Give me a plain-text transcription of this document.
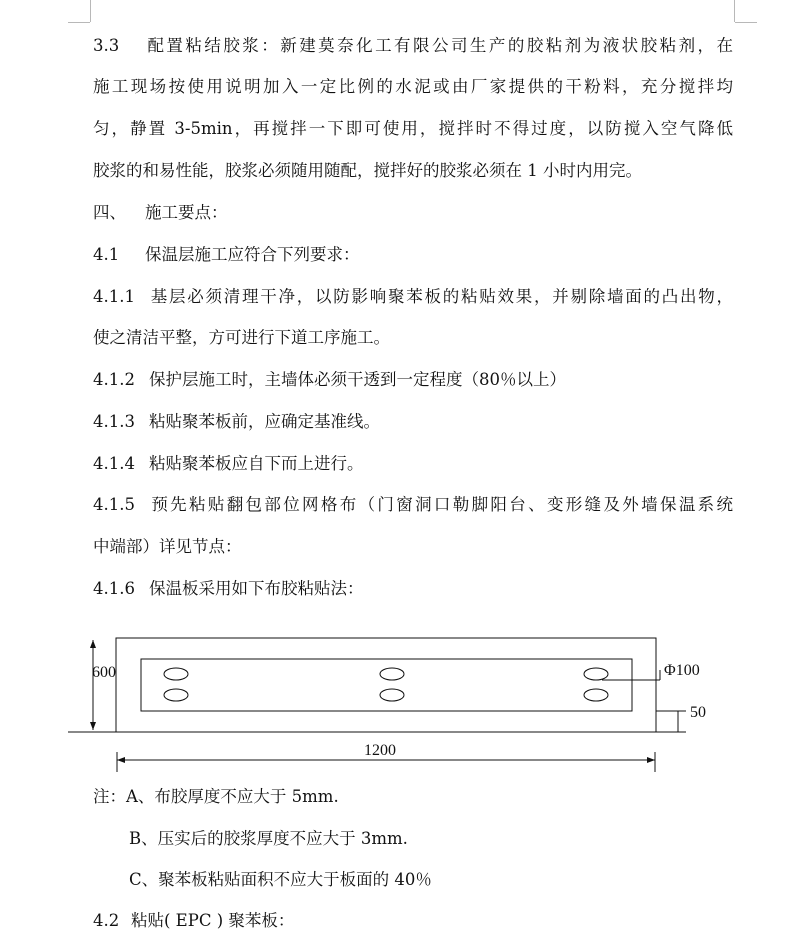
3.3 配置粘结胶浆：新建莫奈化工有限公司生产的胶粘剂为液状胶粘剂，在
施工现场按使用说明加入一定比例的水泥或由厂家提供的干粉料，充分搅拌均
匀，静置 3-5min，再搅拌一下即可使用，搅拌时不得过度，以防搅入空气降低
胶浆的和易性能，胶浆必须随用随配，搅拌好的胶浆必须在 1 小时内用完。
四、 施工要点：
4.1 保温层施工应符合下列要求：
4.1.1 基层必须清理干净，以防影响聚苯板的粘贴效果，并剔除墙面的凸出物，
使之清洁平整，方可进行下道工序施工。
4.1.2 保护层施工时，主墙体必须干透到一定程度（80％以上）
4.1.3 粘贴聚苯板前，应确定基准线。
4.1.4 粘贴聚苯板应自下而上进行。
4.1.5 预先粘贴翻包部位网格布（门窗洞口勒脚阳台、变形缝及外墙保温系统
中端部）详见节点：
4.1.6 保温板采用如下布胶粘贴法：
600	Φ100
50
1200
注：A、布胶厚度不应大于 5mm.
B、压实后的胶浆厚度不应大于 3mm.
C、聚苯板粘贴面积不应大于板面的 40％
4.2 粘贴( EPC ) 聚苯板：
